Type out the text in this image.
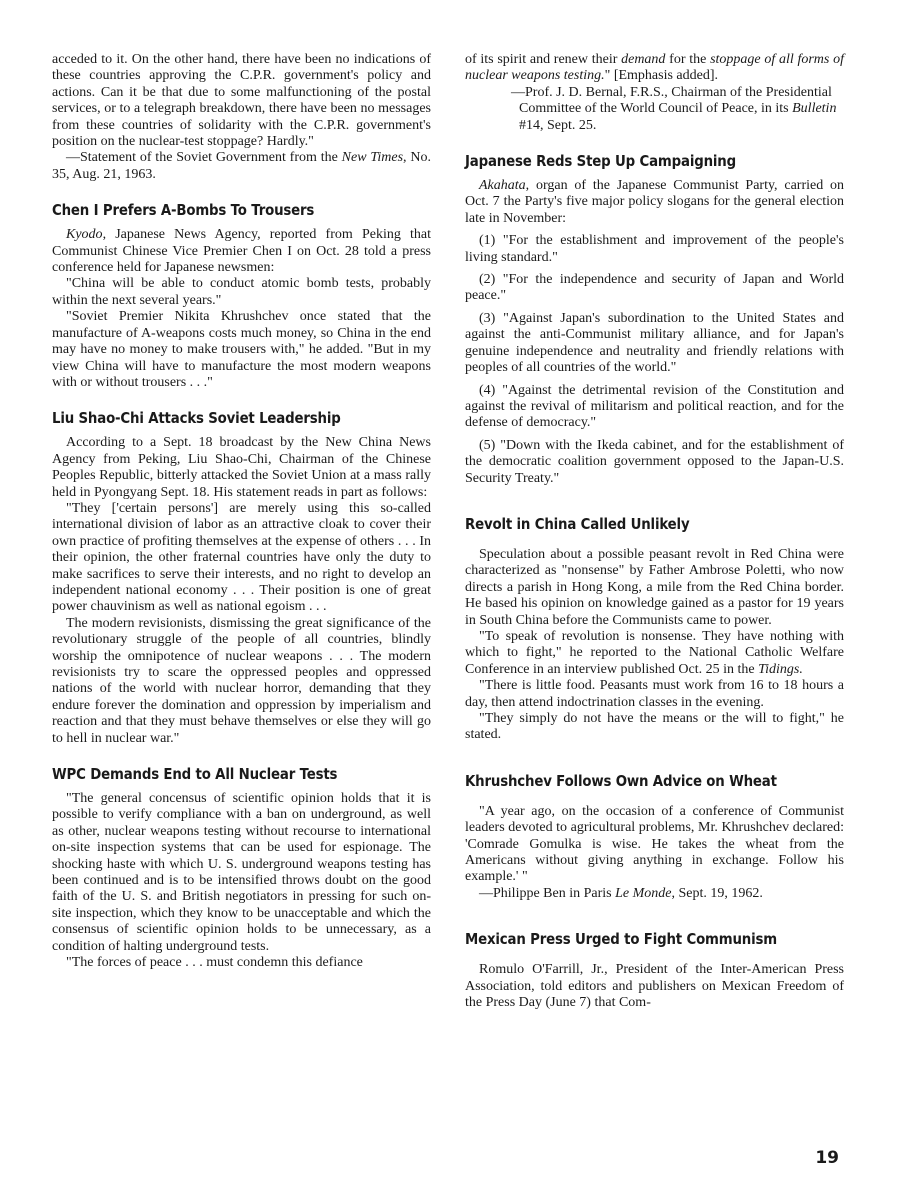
acceded to it. On the other hand, there have been no indications of these countries approving the C.P.R. government's policy and actions. Can it be that due to some malfunctioning of the postal services, or to a telegraph breakdown, there have been no messages from these countries of solidarity with the C.P.R. government's position on the nuclear-test stoppage? Hardly."

—Statement of the Soviet Government from the New Times, No. 35, Aug. 21, 1963.

Chen I Prefers A-Bombs To Trousers

Kyodo, Japanese News Agency, reported from Peking that Communist Chinese Vice Premier Chen I on Oct. 28 told a press conference held for Japanese newsmen:

"China will be able to conduct atomic bomb tests, probably within the next several years."

"Soviet Premier Nikita Khrushchev once stated that the manufacture of A-weapons costs much money, so China in the end may have no money to make trousers with," he added. "But in my view China will have to manufacture the most modern weapons with or without trousers . . ."

Liu Shao-Chi Attacks Soviet Leadership

According to a Sept. 18 broadcast by the New China News Agency from Peking, Liu Shao-Chi, Chairman of the Chinese Peoples Republic, bitterly attacked the Soviet Union at a mass rally held in Pyongyang Sept. 18. His statement reads in part as follows:

"They ['certain persons'] are merely using this so-called international division of labor as an attractive cloak to cover their own practice of profiting themselves at the expense of others . . . In their opinion, the other fraternal countries have only the duty to make sacrifices to serve their interests, and no right to develop an independent national economy . . . Their position is one of great power chauvinism as well as national egoism . . .

The modern revisionists, dismissing the great significance of the revolutionary struggle of the people of all countries, blindly worship the omnipotence of nuclear weapons . . . The modern revisionists try to scare the oppressed peoples and oppressed nations of the world with nuclear horror, demanding that they endure forever the domination and oppression by imperialism and reaction and that they must behave themselves or else they will go to hell in nuclear war."

WPC Demands End to All Nuclear Tests

"The general concensus of scientific opinion holds that it is possible to verify compliance with a ban on underground, as well as other, nuclear weapons testing without recourse to international on-site inspection systems that can be used for espionage. The shocking haste with which U. S. underground weapons testing has been continued and is to be intensified throws doubt on the good faith of the U. S. and British negotiators in pressing for such on-site inspection, which they know to be unacceptable and which the consensus of scientific opinion holds to be unnecessary, as a condition of halting underground tests.

"The forces of peace . . . must condemn this defiance

of its spirit and renew their demand for the stoppage of all forms of nuclear weapons testing." [Emphasis added].

—Prof. J. D. Bernal, F.R.S., Chairman of the Presidential Committee of the World Council of Peace, in its Bulletin #14, Sept. 25.

Japanese Reds Step Up Campaigning

Akahata, organ of the Japanese Communist Party, carried on Oct. 7 the Party's five major policy slogans for the general election late in November:

(1) "For the establishment and improvement of the people's living standard."

(2) "For the independence and security of Japan and World peace."

(3) "Against Japan's subordination to the United States and against the anti-Communist military alliance, and for Japan's genuine independence and neutrality and friendly relations with peoples of all countries of the world."

(4) "Against the detrimental revision of the Constitution and against the revival of militarism and political reaction, and for the defense of democracy."

(5) "Down with the Ikeda cabinet, and for the establishment of the democratic coalition government opposed to the Japan-U.S. Security Treaty."

Revolt in China Called Unlikely

Speculation about a possible peasant revolt in Red China were characterized as "nonsense" by Father Ambrose Poletti, who now directs a parish in Hong Kong, a mile from the Red China border. He based his opinion on knowledge gained as a pastor for 19 years in South China before the Communists came to power.

"To speak of revolution is nonsense. They have nothing with which to fight," he reported to the National Catholic Welfare Conference in an interview published Oct. 25 in the Tidings.

"There is little food. Peasants must work from 16 to 18 hours a day, then attend indoctrination classes in the evening.

"They simply do not have the means or the will to fight," he stated.

Khrushchev Follows Own Advice on Wheat

"A year ago, on the occasion of a conference of Communist leaders devoted to agricultural problems, Mr. Khrushchev declared: 'Comrade Gomulka is wise. He takes the wheat from the Americans without giving anything in exchange. Follow his example.' "

—Philippe Ben in Paris Le Monde, Sept. 19, 1962.

Mexican Press Urged to Fight Communism

Romulo O'Farrill, Jr., President of the Inter-American Press Association, told editors and publishers on Mexican Freedom of the Press Day (June 7) that Com-

19
